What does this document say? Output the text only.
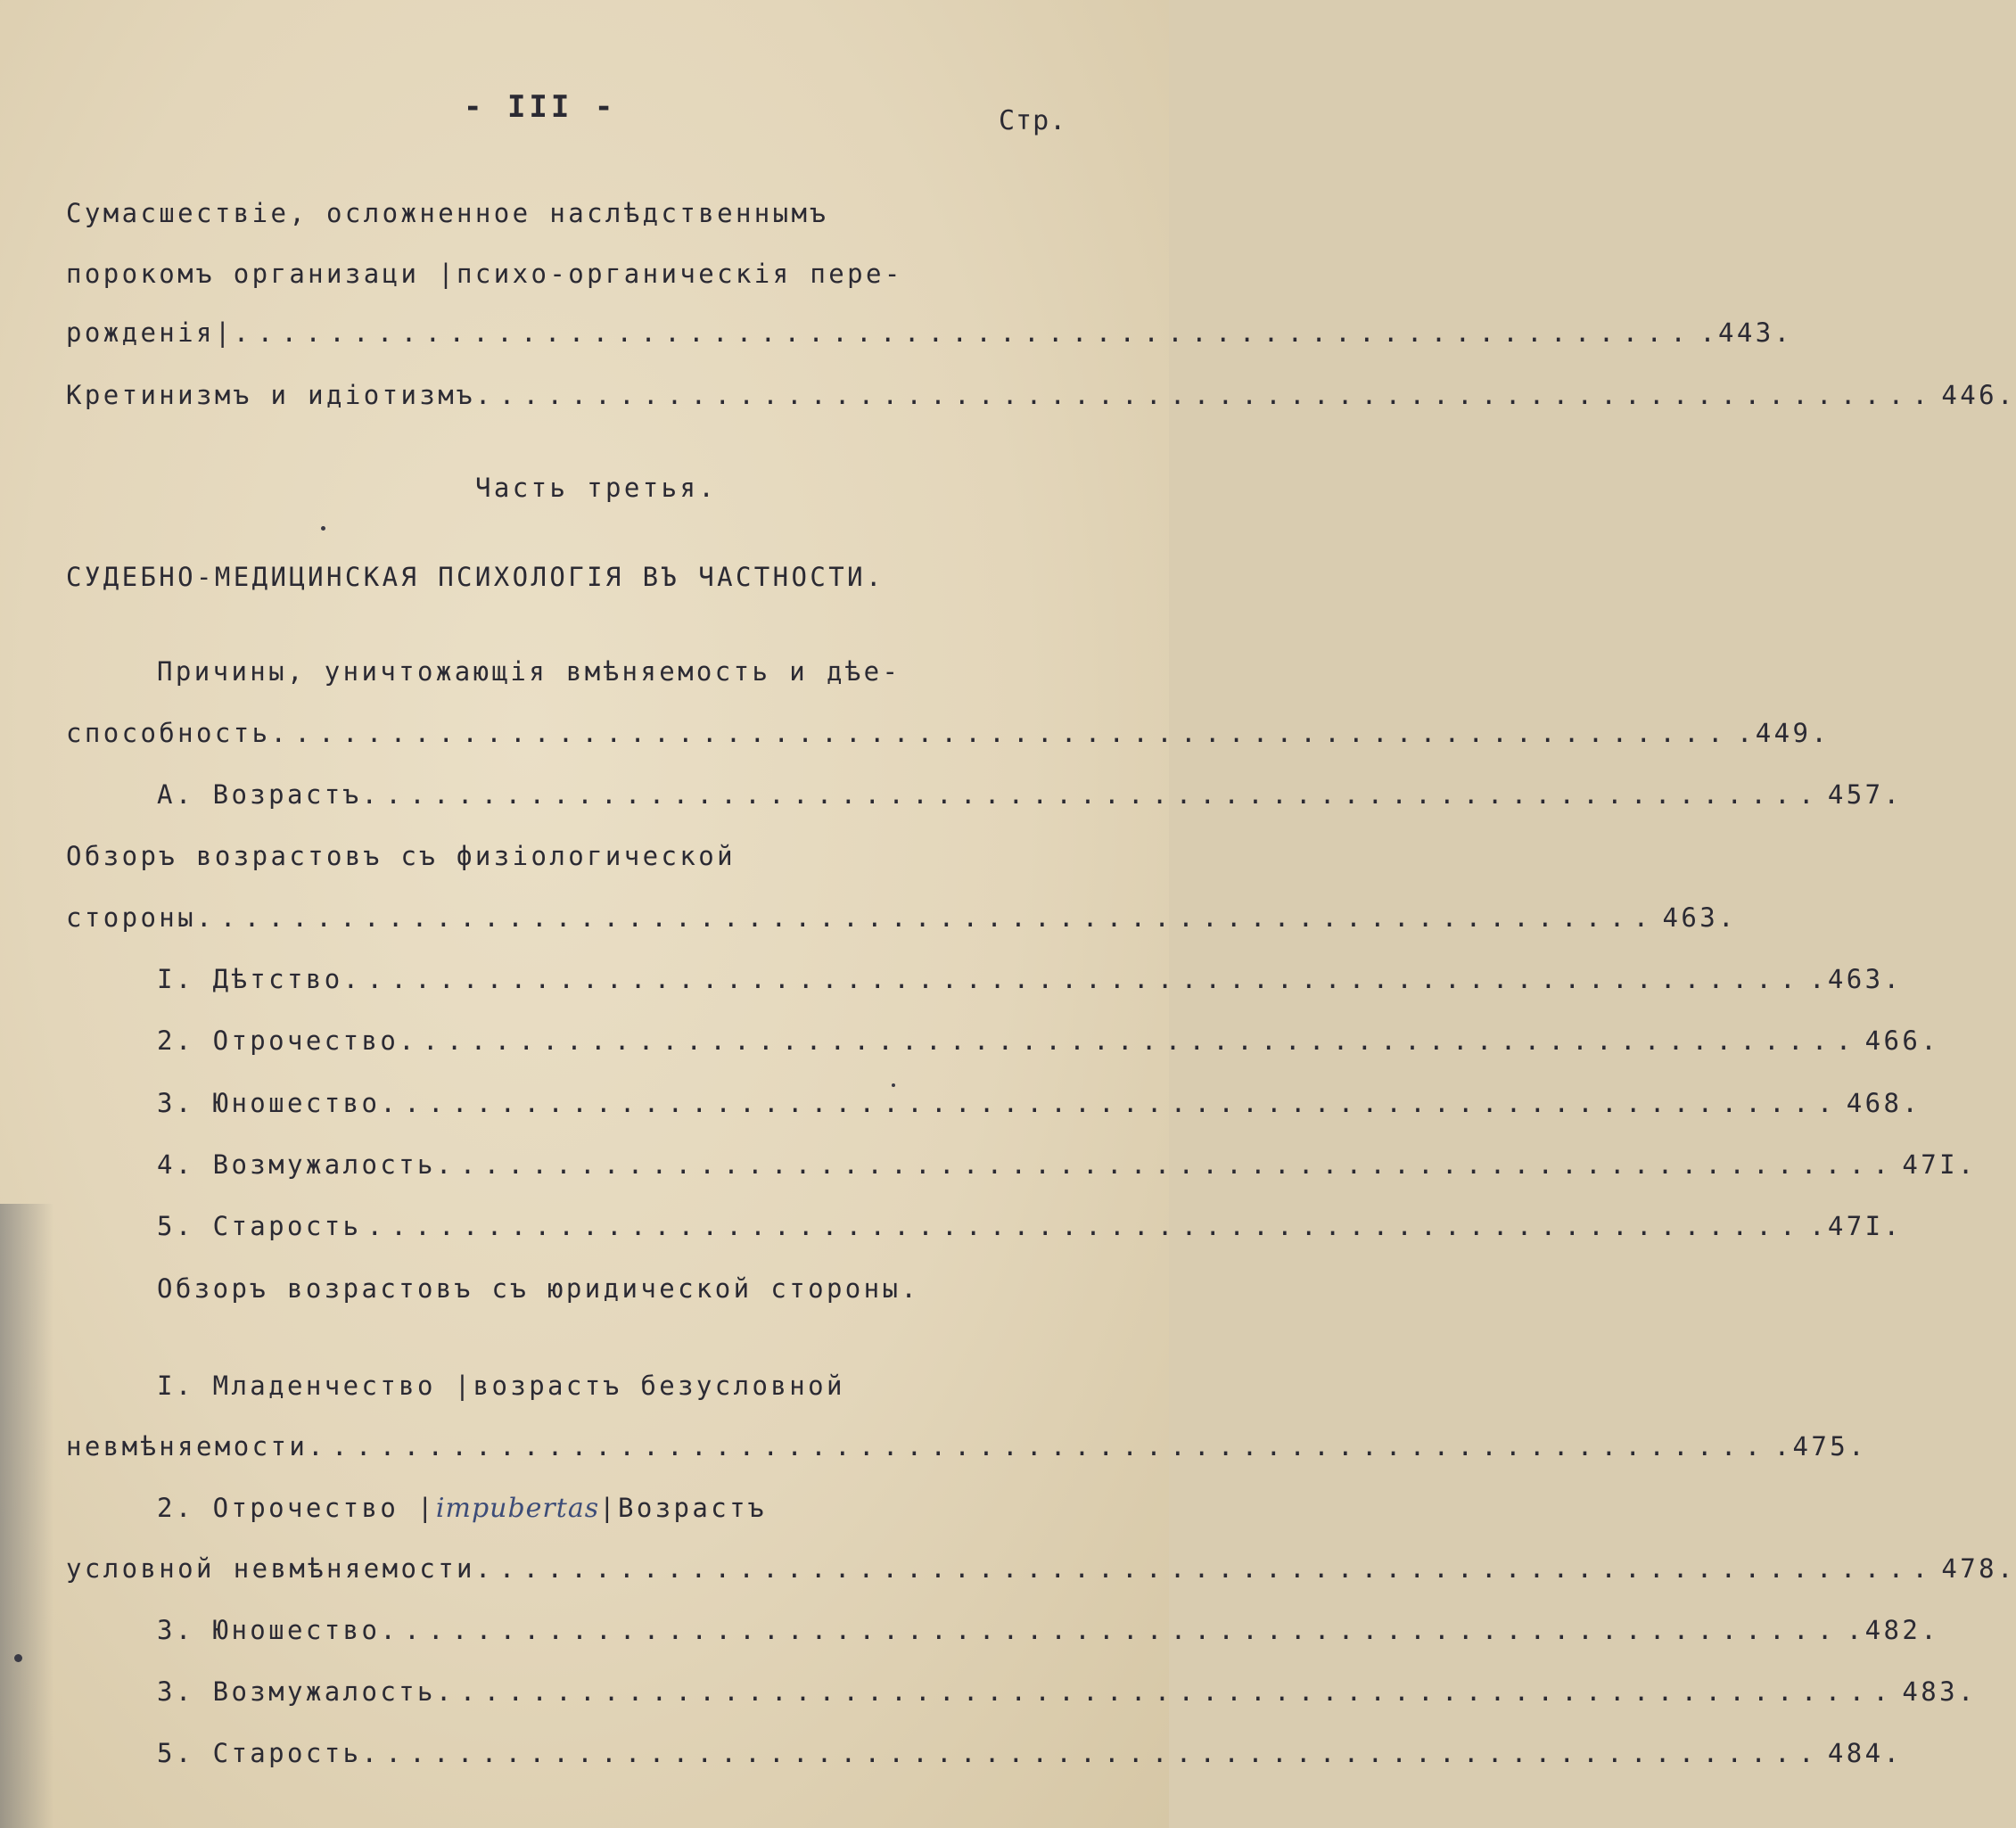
- III -	Стр.
Сумасшествiе, осложненное наслѣдственнымъ
порокомъ организаци |психо-органическiя пере-
рожденiя|. ............................................................ .443.
Кретинизмъ и идiотизмъ. ............................................................ 446.
Часть третья.
СУДЕБНО-МЕДИЦИНСКАЯ ПСИХОЛОГIЯ ВЪ ЧАСТНОСТИ.
Причины, уничтожающiя вмѣняемость и дѣе-
способность. ............................................................ .449.
А. Возрастъ. ............................................................ 457.
Обзоръ возрастовъ съ физiологической
стороны. ............................................................ 463.
I. Дѣтство. ............................................................ .463.
2. Отрочество. ............................................................ 466.
3. Юношество. ............................................................ 468.
4. Возмужалость. ............................................................ 47I.
5. Старость ............................................................ .47I.
Обзоръ возрастовъ съ юридической стороны.
I. Младенчество |возрастъ безусловной
невмѣняемости. ............................................................ .475.
2. Отрочество |impubertas|Возрастъ
условной невмѣняемости. ............................................................ 478.
3. Юношество. ............................................................ .482.
3. Возмужалость. ............................................................ 483.
5. Старость. ............................................................ 484.
